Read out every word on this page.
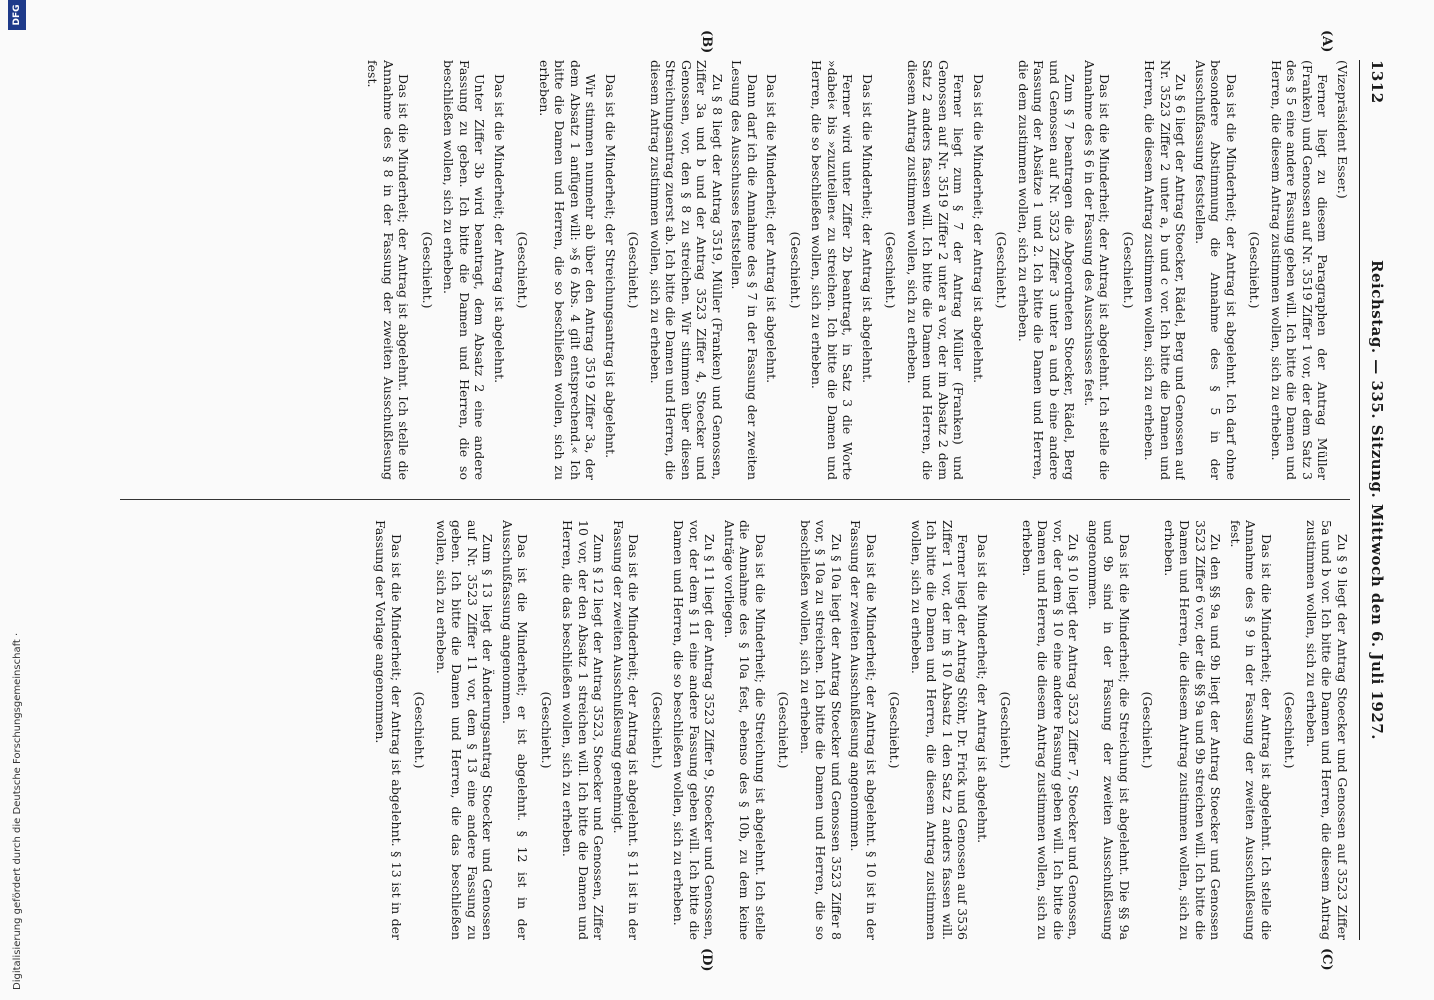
1312
Reichstag. — 335. Sitzung. Mittwoch den 6. Juli 1927.

(Vizepräsident Esser.)

Ferner liegt zu diesem Paragraphen der Antrag Müller (Franken) und Genossen auf Nr. 3519 Ziffer 1 vor, der dem Satz 3 des § 5 eine andere Fassung geben will. Ich bitte die Damen und Herren, die diesem Antrag zustimmen wollen, sich zu erheben.

(Geschieht.)

Das ist die Minderheit; der Antrag ist abgelehnt. Ich darf ohne besondere Abstimmung die Annahme des § 5 in der Ausschußfassung feststellen.

Zu § 6 liegt der Antrag Stoecker, Rädel, Berg und Genossen auf Nr. 3523 Ziffer 2 unter a, b und c vor. Ich bitte die Damen und Herren, die diesem Antrag zustimmen wollen, sich zu erheben.

(Geschieht.)

Das ist die Minderheit; der Antrag ist abgelehnt. Ich stelle die Annahme des § 6 in der Fassung des Ausschusses fest.

Zum § 7 beantragen die Abgeordneten Stoecker, Rädel, Berg und Genossen auf Nr. 3523 Ziffer 3 unter a und b eine andere Fassung der Absätze 1 und 2. Ich bitte die Damen und Herren, die dem zustimmen wollen, sich zu erheben.

(Geschieht.)

Das ist die Minderheit; der Antrag ist abgelehnt.

Ferner liegt zum § 7 der Antrag Müller (Franken) und Genossen auf Nr. 3519 Ziffer 2 unter a vor, der im Absatz 2 dem Satz 2 anders fassen will. Ich bitte die Damen und Herren, die diesem Antrag zustimmen wollen, sich zu erheben.

(Geschieht.)

Das ist die Minderheit; der Antrag ist abgelehnt.

Ferner wird unter Ziffer 2b beantragt, in Satz 3 die Worte »dabei« bis »zuzuteilen« zu streichen. Ich bitte die Damen und Herren, die so beschließen wollen, sich zu erheben.

(Geschieht.)

Das ist die Minderheit; der Antrag ist abgelehnt.

Dann darf ich die Annahme des § 7 in der Fassung der zweiten Lesung des Ausschusses feststellen.

Zu § 8 liegt der Antrag 3519, Müller (Franken) und Genossen, Ziffer 3a und b und der Antrag 3523 Ziffer 4, Stoecker und Genossen, vor, den § 8 zu streichen. Wir stimmen über diesen Streichungsantrag zuerst ab. Ich bitte die Damen und Herren, die diesem Antrag zustimmen wollen, sich zu erheben.

(Geschieht.)

Das ist die Minderheit; der Streichungsantrag ist abgelehnt.

Wir stimmen nunmehr ab über den Antrag 3519 Ziffer 3a, der dem Absatz 1 anfügen will: »§ 6 Abs. 4 gilt entsprechend.« Ich bitte die Damen und Herren, die so beschließen wollen, sich zu erheben.

(Geschieht.)

Das ist die Minderheit; der Antrag ist abgelehnt.

Unter Ziffer 3b wird beantragt, dem Absatz 2 eine andere Fassung zu geben. Ich bitte die Damen und Herren, die so beschließen wollen, sich zu erheben.

(Geschieht.)

Das ist die Minderheit; der Antrag ist abgelehnt. Ich stelle die Annahme des § 8 in der Fassung der zweiten Ausschußlesung fest.

Zu § 9 liegt der Antrag Stoecker und Genossen auf 3523 Ziffer 5a und b vor. Ich bitte die Damen und Herren, die diesem Antrag zustimmen wollen, sich zu erheben.

(Geschieht.)

Das ist die Minderheit; der Antrag ist abgelehnt. Ich stelle die Annahme des § 9 in der Fassung der zweiten Ausschußlesung fest.

Zu den §§ 9a und 9b liegt der Antrag Stoecker und Genossen 3523 Ziffer 6 vor, der die §§ 9a und 9b streichen will. Ich bitte die Damen und Herren, die diesem Antrag zustimmen wollen, sich zu erheben.

(Geschieht.)

Das ist die Minderheit; die Streichung ist abgelehnt. Die §§ 9a und 9b sind in der Fassung der zweiten Ausschußlesung angenommen.

Zu § 10 liegt der Antrag 3523 Ziffer 7, Stoecker und Genossen, vor, der dem § 10 eine andere Fassung geben will. Ich bitte die Damen und Herren, die diesem Antrag zustimmen wollen, sich zu erheben.

(Geschieht.)

Das ist die Minderheit; der Antrag ist abgelehnt.

Ferner liegt der Antrag Stöhr, Dr. Frick und Genossen auf 3536 Ziffer 1 vor, der im § 10 Absatz 1 den Satz 2 anders fassen will. Ich bitte die Damen und Herren, die diesem Antrag zustimmen wollen, sich zu erheben.

(Geschieht.)

Das ist die Minderheit; der Antrag ist abgelehnt. § 10 ist in der Fassung der zweiten Ausschußlesung angenommen.

Zu § 10a liegt der Antrag Stoecker und Genossen 3523 Ziffer 8 vor, § 10a zu streichen. Ich bitte die Damen und Herren, die so beschließen wollen, sich zu erheben.

(Geschieht.)

Das ist die Minderheit; die Streichung ist abgelehnt. Ich stelle die Annahme des § 10a fest, ebenso des § 10b, zu dem keine Anträge vorliegen.

Zu § 11 liegt der Antrag 3523 Ziffer 9, Stoecker und Genossen, vor, der dem § 11 eine andere Fassung geben will. Ich bitte die Damen und Herren, die so beschließen wollen, sich zu erheben.

(Geschieht.)

Das ist die Minderheit; der Antrag ist abgelehnt. § 11 ist in der Fassung der zweiten Ausschußlesung genehmigt.

Zum § 12 liegt der Antrag 3523, Stoecker und Genossen, Ziffer 10 vor, der den Absatz 1 streichen will. Ich bitte die Damen und Herren, die das beschließen wollen, sich zu erheben.

(Geschieht.)

Das ist die Minderheit; er ist abgelehnt. § 12 ist in der Ausschußfassung angenommen.

Zum § 13 liegt der Änderungsantrag Stoecker und Genossen auf Nr. 3523 Ziffer 11 vor, dem § 13 eine andere Fassung zu geben. Ich bitte die Damen und Herren, die das beschließen wollen, sich zu erheben.

(Geschieht.)

Das ist die Minderheit; der Antrag ist abgelehnt. § 13 ist in der Fassung der Vorlage angenommen.

(A)
(B)
(C)
(D)
Digitalisierung gefördert durch die Deutsche Forschungsgemeinschaft ·
DFG
